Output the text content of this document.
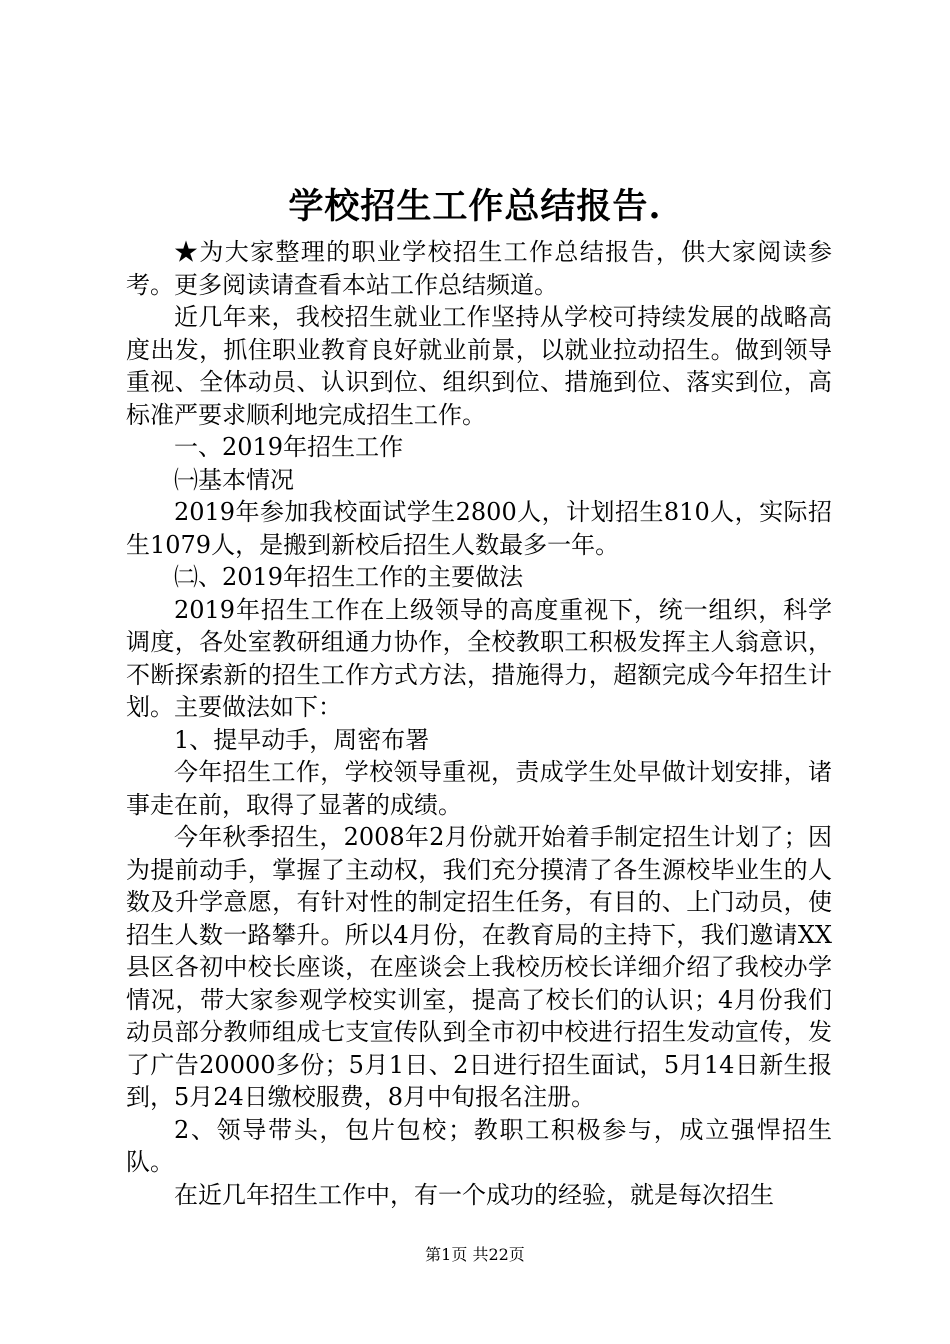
学校招生工作总结报告.

★为大家整理的职业学校招生工作总结报告，供大家阅读参考。更多阅读请查看本站工作总结频道。

近几年来，我校招生就业工作坚持从学校可持续发展的战略高度出发，抓住职业教育良好就业前景，以就业拉动招生。做到领导重视、全体动员、认识到位、组织到位、措施到位、落实到位，高标准严要求顺利地完成招生工作。

一、2019年招生工作

㈠基本情况

2019年参加我校面试学生2800人，计划招生810人，实际招生1079人，是搬到新校后招生人数最多一年。

㈡、2019年招生工作的主要做法

2019年招生工作在上级领导的高度重视下，统一组织，科学调度，各处室教研组通力协作，全校教职工积极发挥主人翁意识，不断探索新的招生工作方式方法，措施得力，超额完成今年招生计划。主要做法如下：

1、提早动手，周密布署

今年招生工作，学校领导重视，责成学生处早做计划安排，诸事走在前，取得了显著的成绩。

今年秋季招生，2008年2月份就开始着手制定招生计划了；因为提前动手，掌握了主动权，我们充分摸清了各生源校毕业生的人数及升学意愿，有针对性的制定招生任务，有目的、上门动员，使招生人数一路攀升。所以4月份，在教育局的主持下，我们邀请XX县区各初中校长座谈，在座谈会上我校历校长详细介绍了我校办学情况，带大家参观学校实训室，提高了校长们的认识；4月份我们动员部分教师组成七支宣传队到全市初中校进行招生发动宣传，发了广告20000多份；5月1日、2日进行招生面试，5月14日新生报到，5月24日缴校服费，8月中旬报名注册。

2、领导带头，包片包校；教职工积极参与，成立强悍招生队。

在近几年招生工作中，有一个成功的经验，就是每次招生

第1页 共22页
